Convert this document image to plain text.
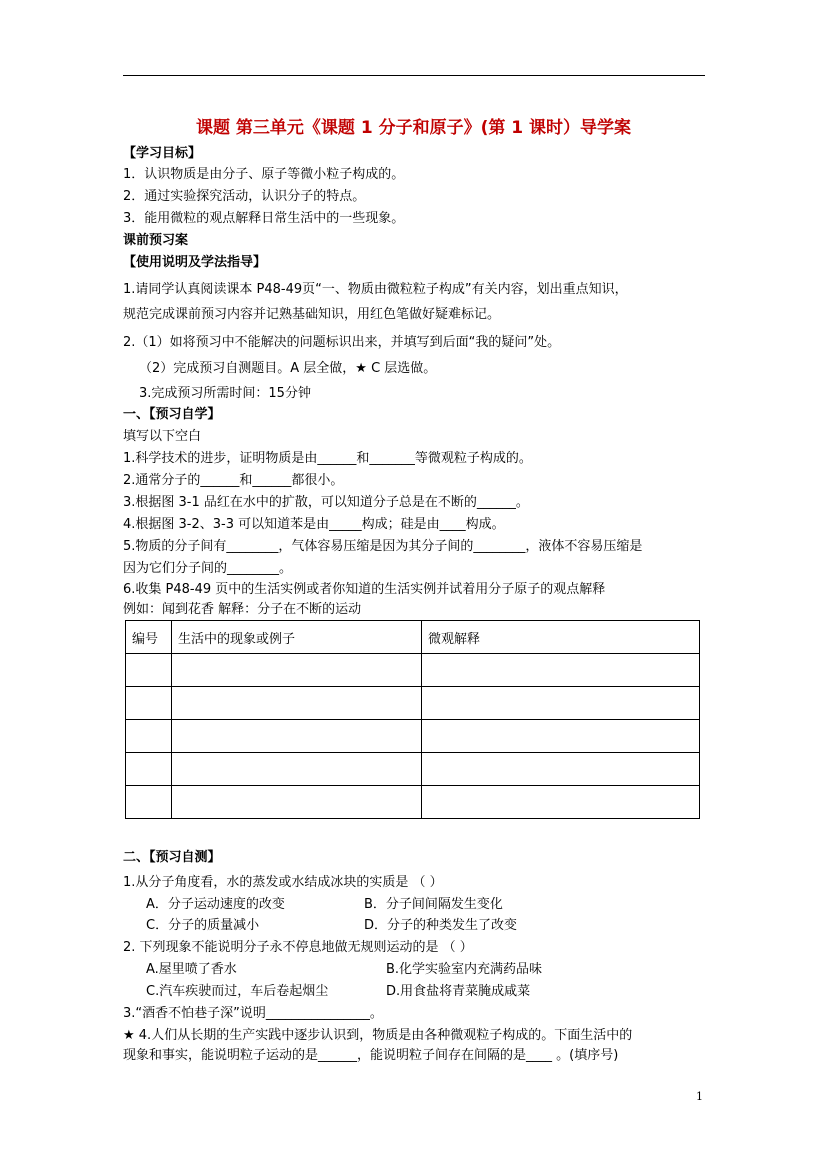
课题 第三单元《课题 1 分子和原子》(第 1 课时）导学案
【学习目标】
1．认识物质是由分子、原子等微小粒子构成的。
2．通过实验探究活动，认识分子的特点。
3．能用微粒的观点解释日常生活中的一些现象。
课前预习案
【使用说明及学法指导】
1.请同学认真阅读课本 P48-49页“一、物质由微粒粒子构成”有关内容，划出重点知识，
规范完成课前预习内容并记熟基础知识，用红色笔做好疑难标记。
2.（1）如将预习中不能解决的问题标识出来，并填写到后面“我的疑问”处。
（2）完成预习自测题目。A 层全做，★ C 层选做。
3.完成预习所需时间：15分钟
一、【预习自学】
填写以下空白
1.科学技术的进步，证明物质是由______和_______等微观粒子构成的。
2.通常分子的______和______都很小。
3.根据图 3-1 品红在水中的扩散，可以知道分子总是在不断的______。
4.根据图 3-2、3-3 可以知道苯是由_____构成；硅是由____构成。
5.物质的分子间有________，气体容易压缩是因为其分子间的________，液体不容易压缩是
因为它们分子间的________。
6.收集 P48-49 页中的生活实例或者你知道的生活实例并试着用分子原子的观点解释
例如：闻到花香 解释：分子在不断的运动
编号	生活中的现象或例子	微观解释

二、【预习自测】
1.从分子角度看，水的蒸发或水结成冰块的实质是 （ ）
A．分子运动速度的改变	B．分子间间隔发生变化
C．分子的质量减小	D．分子的种类发生了改变
2. 下列现象不能说明分子永不停息地做无规则运动的是 （ ）
A.屋里喷了香水	B.化学实验室内充满药品味
C.汽车疾驶而过，车后卷起烟尘	D.用食盐将青菜腌成咸菜
3.“酒香不怕巷子深”说明________________。
★ 4.人们从长期的生产实践中逐步认识到，物质是由各种微观粒子构成的。下面生活中的
现象和事实，能说明粒子运动的是______，能说明粒子间存在间隔的是____ 。(填序号)
1
